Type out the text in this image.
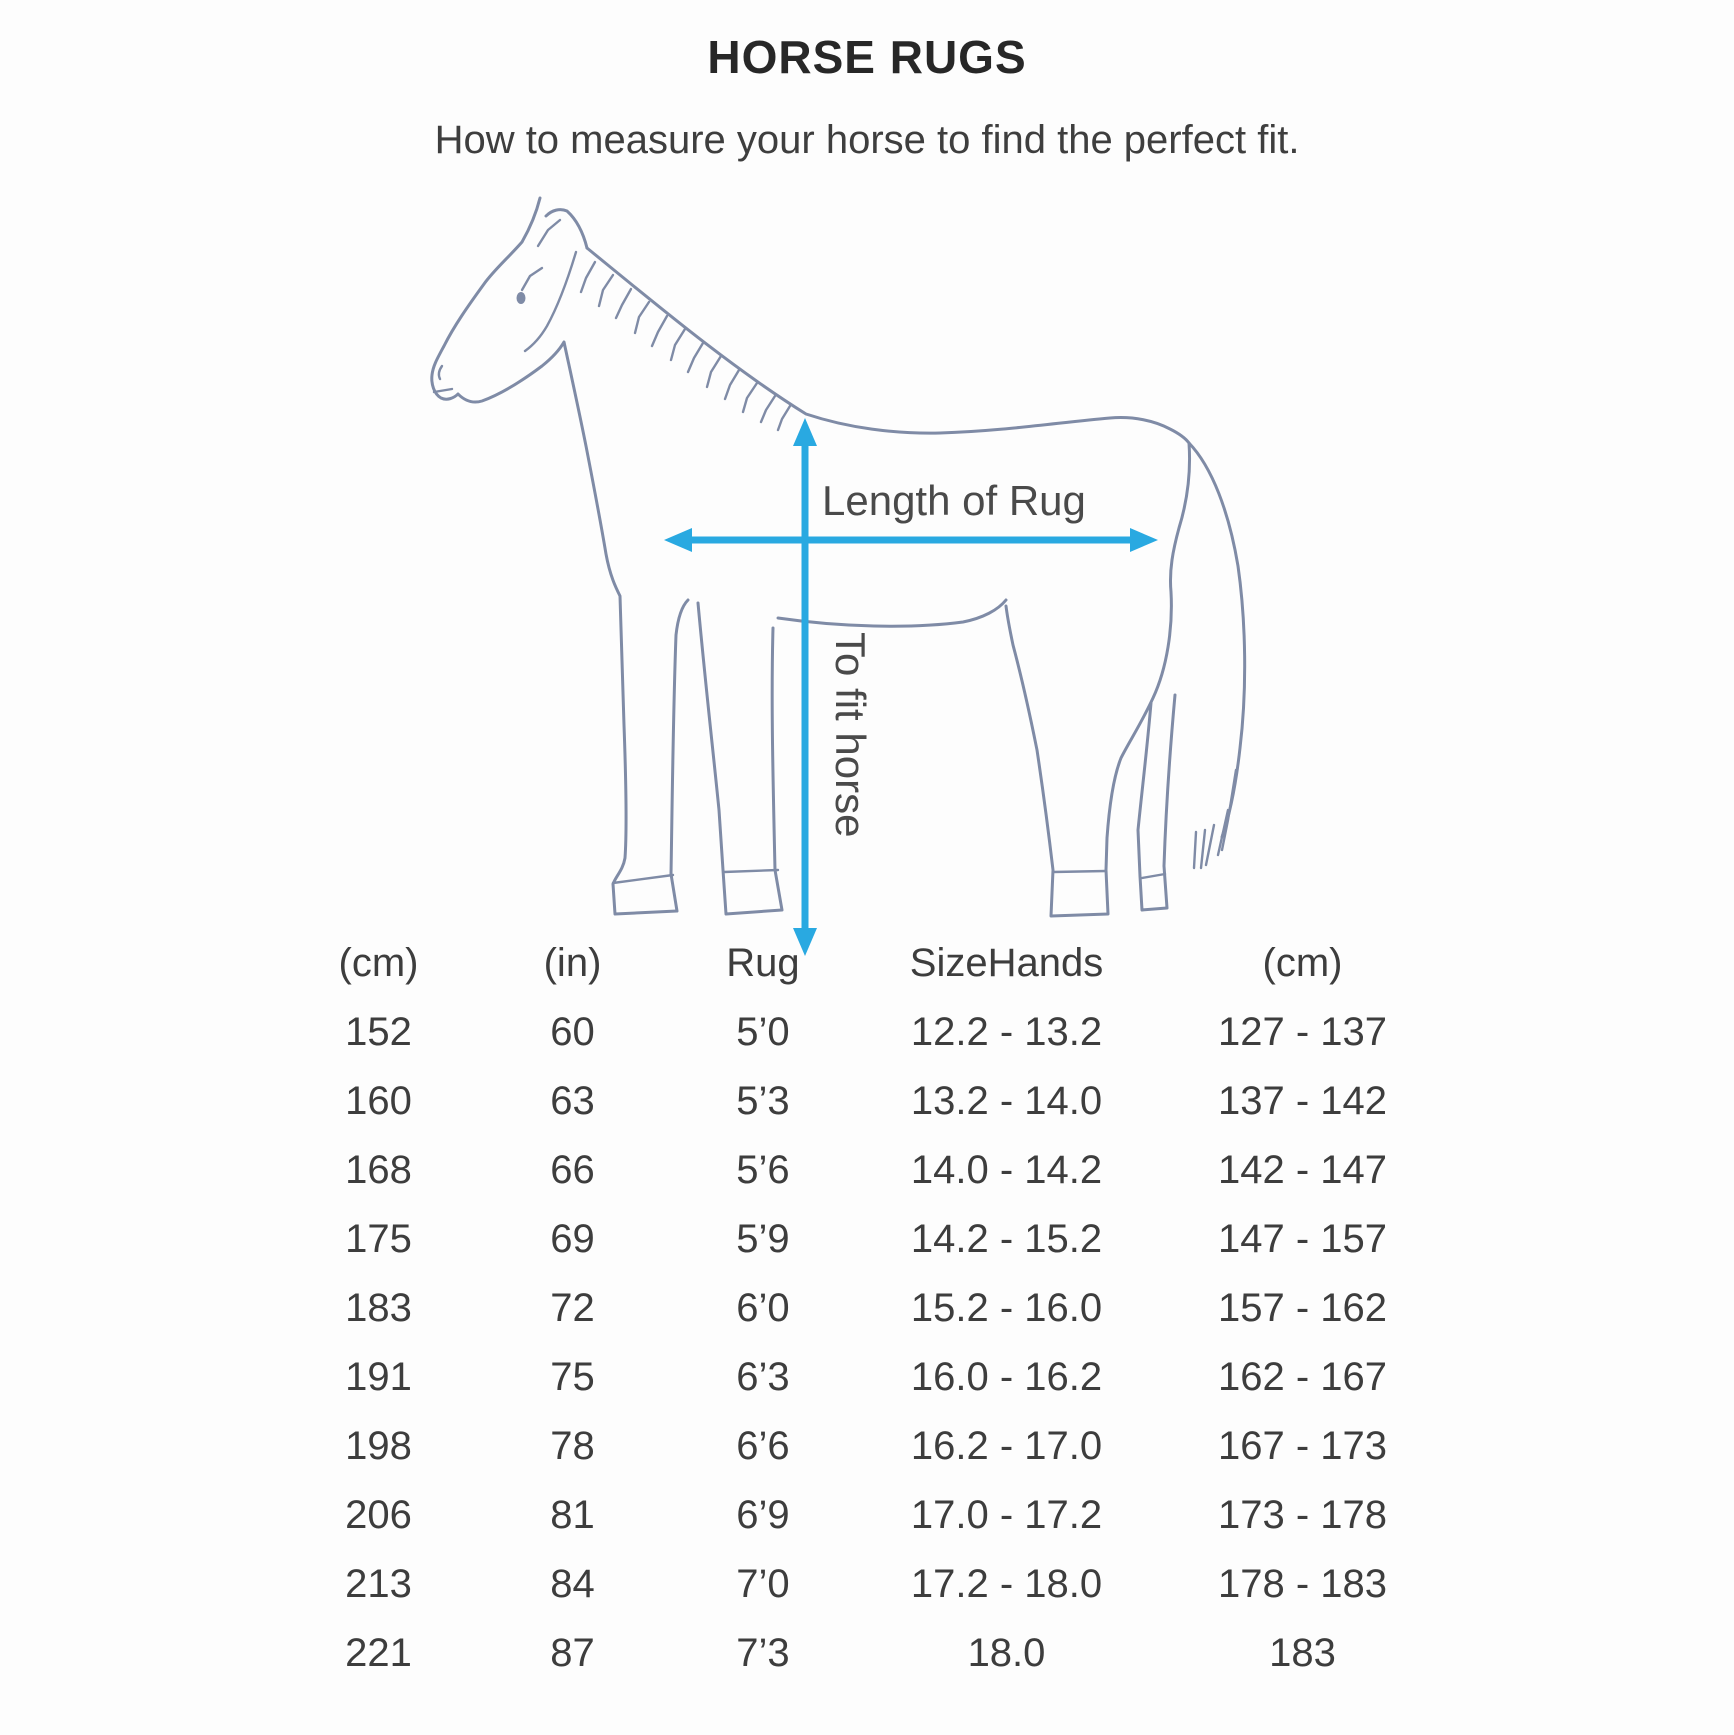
HORSE RUGS

How to measure your horse to find the perfect fit.

Length of Rug
To fit horse
(cm)	(in)	Rug	SizeHands	(cm)
152	60	5’0	12.2 - 13.2	127 - 137
160	63	5’3	13.2 - 14.0	137 - 142
168	66	5’6	14.0 - 14.2	142 - 147
175	69	5’9	14.2 - 15.2	147 - 157
183	72	6’0	15.2 - 16.0	157 - 162
191	75	6’3	16.0 - 16.2	162 - 167
198	78	6’6	16.2 - 17.0	167 - 173
206	81	6’9	17.0 - 17.2	173 - 178
213	84	7’0	17.2 - 18.0	178 - 183
221	87	7’3	18.0	183
